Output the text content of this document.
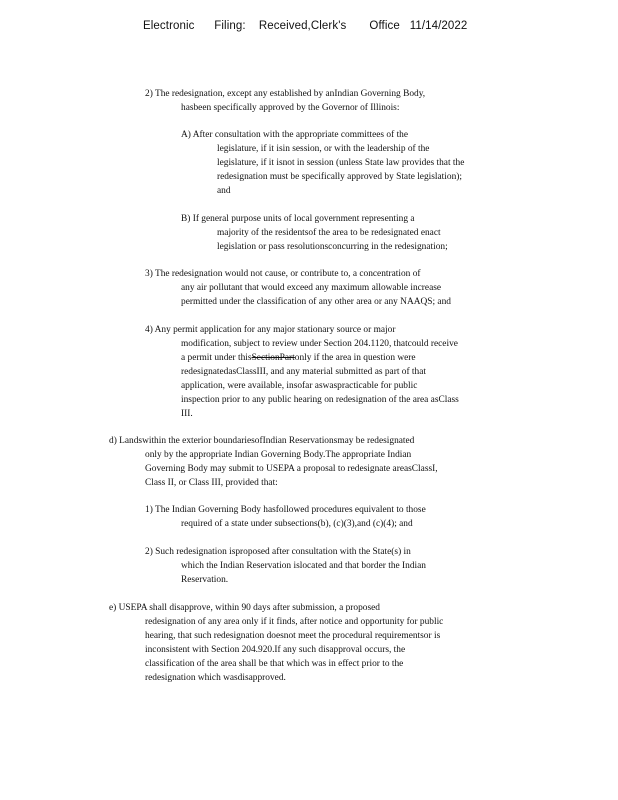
Electronic      Filing:    Received,Clerk's       Office   11/14/2022
2) The redesignation, except any established by anIndian Governing Body,
hasbeen specifically approved by the Governor of Illinois:
A) After consultation with the appropriate committees of the
legislature, if it isin session, or with the leadership of the
legislature, if it isnot in session (unless State law provides that the
redesignation must be specifically approved by State legislation);
and
B) If general purpose units of local government representing a
majority of the residentsof the area to be redesignated enact
legislation or pass resolutionsconcurring in the redesignation;
3) The redesignation would not cause, or contribute to, a concentration of
any air pollutant that would exceed any maximum allowable increase
permitted under the classification of any other area or any NAAQS; and
4) Any permit application for any major stationary source or major
modification, subject to review under Section 204.1120, thatcould receive
a permit under thisSectionPartonly if the area in question were
redesignatedasClassIII, and any material submitted as part of that
application, were available, insofar aswaspracticable for public
inspection prior to any public hearing on redesignation of the area asClass
III.
d) Landswithin the exterior boundariesofIndian Reservationsmay be redesignated
only by the appropriate Indian Governing Body.The appropriate Indian
Governing Body may submit to USEPA a proposal to redesignate areasClassI,
Class II, or Class III, provided that:
1) The Indian Governing Body hasfollowed procedures equivalent to those
required of a state under subsections(b), (c)(3),and (c)(4); and
2) Such redesignation isproposed after consultation with the State(s) in
which the Indian Reservation islocated and that border the Indian
Reservation.
e) USEPA shall disapprove, within 90 days after submission, a proposed
redesignation of any area only if it finds, after notice and opportunity for public
hearing, that such redesignation doesnot meet the procedural requirementsor is
inconsistent with Section 204.920.If any such disapproval occurs, the
classification of the area shall be that which was in effect prior to the
redesignation which wasdisapproved.
